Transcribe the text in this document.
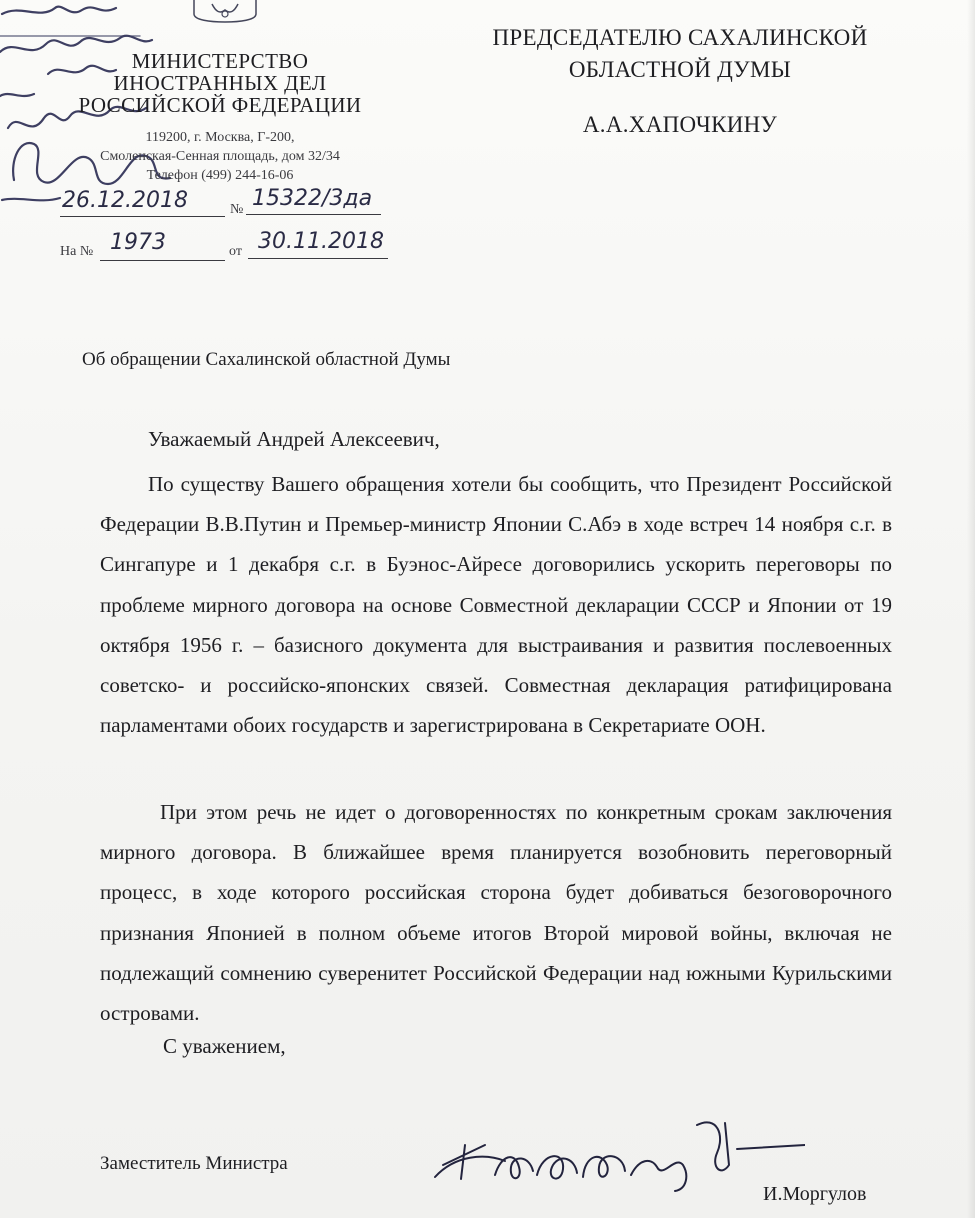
МИНИСТЕРСТВО
ИНОСТРАННЫХ ДЕЛ
РОССИЙСКОЙ ФЕДЕРАЦИИ
119200, г. Москва, Г-200,
Смоленская-Сенная площадь, дом 32/34
Телефон (499) 244-16-06
26.12.2018	№ 15322/3да
На № 1973	от 30.11.2018
ПРЕДСЕДАТЕЛЮ САХАЛИНСКОЙ
ОБЛАСТНОЙ ДУМЫ
А.А.ХАПОЧКИНУ
Об обращении Сахалинской областной Думы
Уважаемый Андрей Алексеевич,
По существу Вашего обращения хотели бы сообщить, что Президент Российской Федерации В.В.Путин и Премьер-министр Японии С.Абэ в ходе встреч 14 ноября с.г. в Сингапуре и 1 декабря с.г. в Буэнос-Айресе договорились ускорить переговоры по проблеме мирного договора на основе Совместной декларации СССР и Японии от 19 октября 1956 г. – базисного документа для выстраивания и развития послевоенных советско- и российско-японских связей. Совместная декларация ратифицирована парламентами обоих государств и зарегистрирована в Секретариате ООН.
При этом речь не идет о договоренностях по конкретным срокам заключения мирного договора. В ближайшее время планируется возобновить переговорный процесс, в ходе которого российская сторона будет добиваться безоговорочного признания Японией в полном объеме итогов Второй мировой войны, включая не подлежащий сомнению суверенитет Российской Федерации над южными Курильскими островами.
С уважением,
Заместитель Министра
И.Моргулов
